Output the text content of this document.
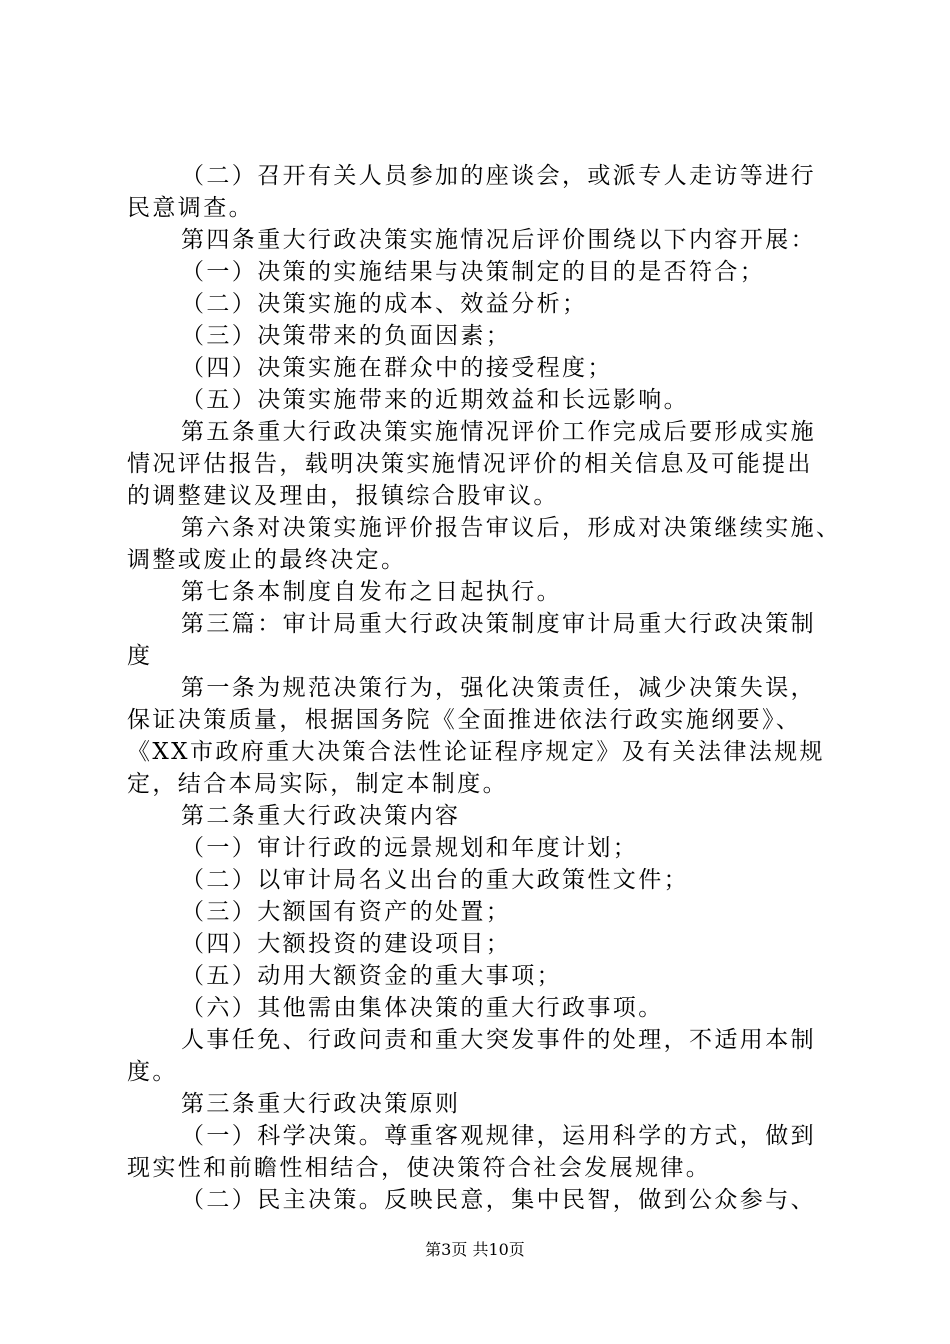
（二）召开有关人员参加的座谈会，或派专人走访等进行
民意调查。
第四条重大行政决策实施情况后评价围绕以下内容开展：
（一）决策的实施结果与决策制定的目的是否符合；
（二）决策实施的成本、效益分析；
（三）决策带来的负面因素；
（四）决策实施在群众中的接受程度；
（五）决策实施带来的近期效益和长远影响。
第五条重大行政决策实施情况评价工作完成后要形成实施
情况评估报告，载明决策实施情况评价的相关信息及可能提出
的调整建议及理由，报镇综合股审议。
第六条对决策实施评价报告审议后，形成对决策继续实施、
调整或废止的最终决定。
第七条本制度自发布之日起执行。
第三篇：审计局重大行政决策制度审计局重大行政决策制
度
第一条为规范决策行为，强化决策责任，减少决策失误，
保证决策质量，根据国务院《全面推进依法行政实施纲要》、
《XX市政府重大决策合法性论证程序规定》及有关法律法规规
定，结合本局实际，制定本制度。
第二条重大行政决策内容
（一）审计行政的远景规划和年度计划；
（二）以审计局名义出台的重大政策性文件；
（三）大额国有资产的处置；
（四）大额投资的建设项目；
（五）动用大额资金的重大事项；
（六）其他需由集体决策的重大行政事项。
人事任免、行政问责和重大突发事件的处理，不适用本制
度。
第三条重大行政决策原则
（一）科学决策。尊重客观规律，运用科学的方式，做到
现实性和前瞻性相结合，使决策符合社会发展规律。
（二）民主决策。反映民意，集中民智，做到公众参与、
第3页 共10页
